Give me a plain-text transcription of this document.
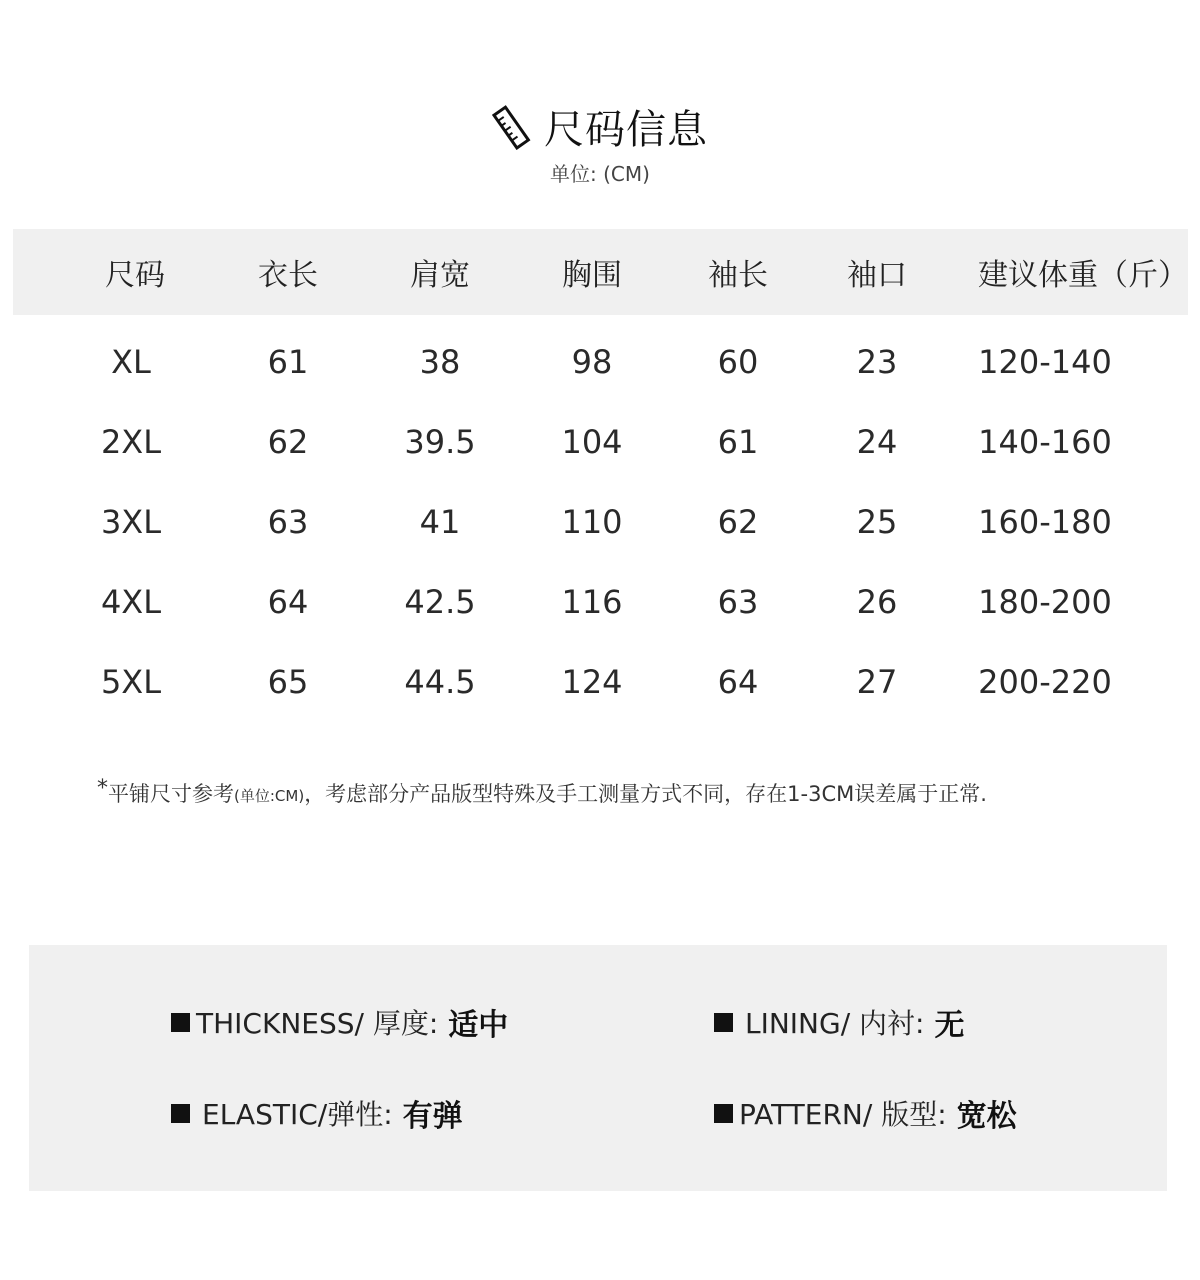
尺码信息
单位: (CM)
尺码	衣长	肩宽	胸围	袖长	袖口 建议体重（斤）
XL	61	38	98	60	23	120-140
2XL	62	39.5	104	61	24	140-160
3XL	63	41	110	62	25	160-180
4XL	64	42.5	116	63	26	180-200
5XL	65	44.5	124	64	27	200-220
*平铺尺寸参考(单位:CM)，考虑部分产品版型特殊及手工测量方式不同，存在1-3CM误差属于正常.
THICKNESS/ 厚度: 适中	LINING/ 内衬: 无
ELASTIC/弹性: 有弹	PATTERN/ 版型: 宽松
